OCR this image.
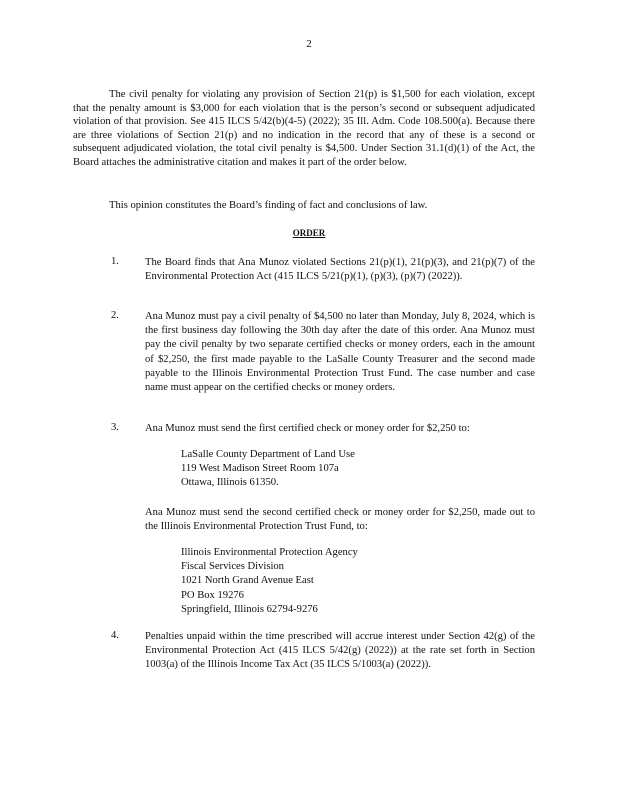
2

The civil penalty for violating any provision of Section 21(p) is $1,500 for each violation, except that the penalty amount is $3,000 for each violation that is the person’s second or subsequent adjudicated violation of that provision. See 415 ILCS 5/42(b)(4-5) (2022); 35 Ill. Adm. Code 108.500(a). Because there are three violations of Section 21(p) and no indication in the record that any of these is a second or subsequent adjudicated violation, the total civil penalty is $4,500. Under Section 31.1(d)(1) of the Act, the Board attaches the administrative citation and makes it part of the order below.

This opinion constitutes the Board’s finding of fact and conclusions of law.

ORDER
1. The Board finds that Ana Munoz violated Sections 21(p)(1), 21(p)(3), and 21(p)(7) of the Environmental Protection Act (415 ILCS 5/21(p)(1), (p)(3), (p)(7) (2022)).
2. Ana Munoz must pay a civil penalty of $4,500 no later than Monday, July 8, 2024, which is the first business day following the 30th day after the date of this order. Ana Munoz must pay the civil penalty by two separate certified checks or money orders, each in the amount of $2,250, the first made payable to the LaSalle County Treasurer and the second made payable to the Illinois Environmental Protection Trust Fund. The case number and case name must appear on the certified checks or money orders.
3. Ana Munoz must send the first certified check or money order for $2,250 to:
LaSalle County Department of Land Use
119 West Madison Street Room 107a
Ottawa, Illinois 61350.
Ana Munoz must send the second certified check or money order for $2,250, made out to the Illinois Environmental Protection Trust Fund, to:
Illinois Environmental Protection Agency
Fiscal Services Division
1021 North Grand Avenue East
PO Box 19276
Springfield, Illinois 62794-9276
4. Penalties unpaid within the time prescribed will accrue interest under Section 42(g) of the Environmental Protection Act (415 ILCS 5/42(g) (2022)) at the rate set forth in Section 1003(a) of the Illinois Income Tax Act (35 ILCS 5/1003(a) (2022)).
